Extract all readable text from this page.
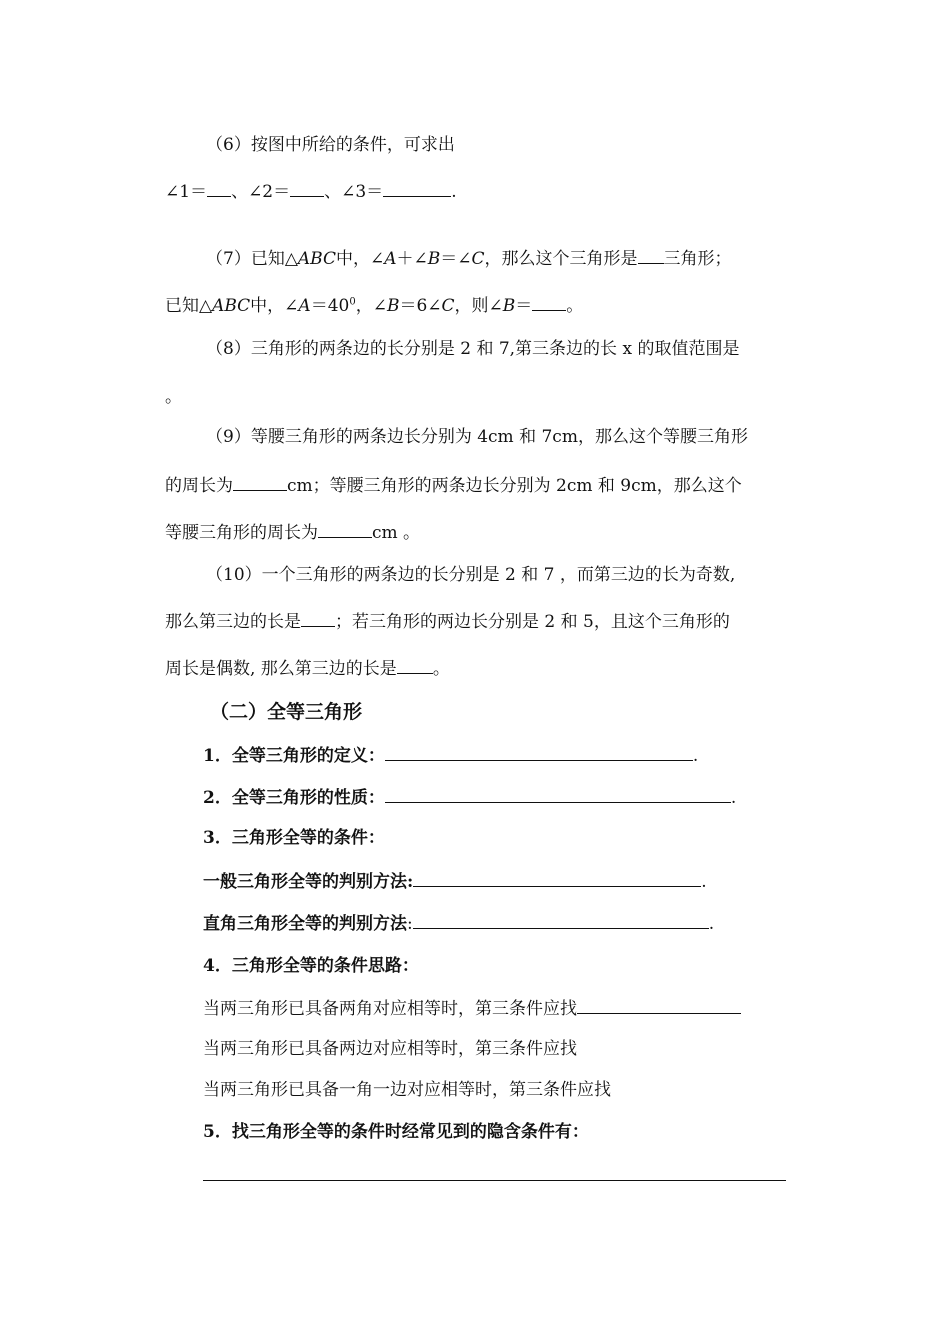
（6）按图中所给的条件，可求出
∠1＝ 、∠2＝ 、∠3＝	.
（7）已知△ABC中，∠A＋∠B＝∠C，那么这个三角形是 三角形；
已知△ABC中，$\angle A=40^0$，∠B＝6∠C，则∠B＝ 。
（8）三角形的两条边的长分别是 2 和 7,第三条边的长 x 的取值范围是
。
（9）等腰三角形的两条边长分别为 4cm 和 7cm，那么这个等腰三角形
的周长为	cm；等腰三角形的两条边长分别为 2cm 和 9cm，那么这个
等腰三角形的周长为	cm 。
（10）一个三角形的两条边的长分别是 2 和 7 ，而第三边的长为奇数,
那么第三边的长是 ；若三角形的两边长分别是 2 和 5，且这个三角形的
周长是偶数, 那么第三边的长是 。
（二）全等三角形
1．全等三角形的定义：	.
2．全等三角形的性质：	.
3．三角形全等的条件：
一般三角形全等的判别方法:	.
直角三角形全等的判别方法:	.
4．三角形全等的条件思路：
当两三角形已具备两角对应相等时，第三条件应找
当两三角形已具备两边对应相等时，第三条件应找
当两三角形已具备一角一边对应相等时，第三条件应找
5．找三角形全等的条件时经常见到的隐含条件有：
